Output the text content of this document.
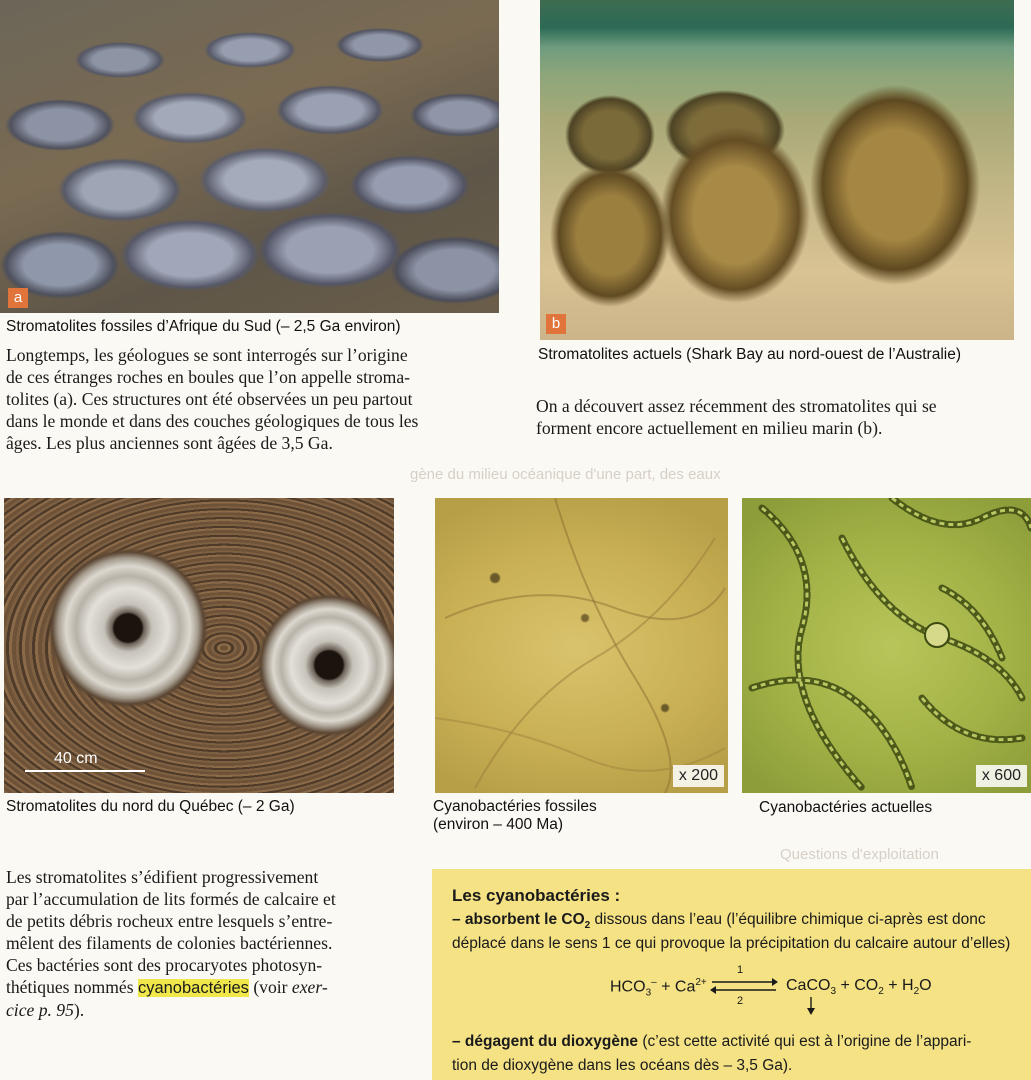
gène du milieu océanique d'une part, des eaux
Questions d'exploitation
a
Stromatolites fossiles d’Afrique du Sud (– 2,5 Ga environ)	b
Stromatolites actuels (Shark Bay au nord-ouest de l’Australie)
Longtemps, les géologues se sont interrogés sur l’origine
de ces étranges roches en boules que l’on appelle stroma-
tolites (a). Ces structures ont été observées un peu partout
dans le monde et dans des couches géologiques de tous les
âges. Les plus anciennes sont âgées de 3,5 Ga.
On a découvert assez récemment des stromatolites qui se
forment encore actuellement en milieu marin (b).
40 cm
Stromatolites du nord du Québec (– 2 Ga)
x 200
Cyanobactéries fossiles
(environ – 400 Ma)
x 600
Cyanobactéries actuelles
Les stromatolites s’édifient progressivement
par l’accumulation de lits formés de calcaire et
de petits débris rocheux entre lesquels s’entre-
mêlent des filaments de colonies bactériennes.
Ces bactéries sont des procaryotes photosyn-
thétiques nommés cyanobactéries (voir exer-
cice p. 95).
Les cyanobactéries :
– absorbent le $CO_2$ dissous dans l’eau (l’équilibre chimique ci-après est donc
déplacé dans le sens 1 ce qui provoque la précipitation du calcaire autour d’elles)
$HCO_3^- + Ca^{2+}$
1
2
CaCO$_3$ + $CO_2 + H_2O$
– dégagent du dioxygène (c’est cette activité qui est à l’origine de l’appari-
tion de dioxygène dans les océans dès – 3,5 Ga).
